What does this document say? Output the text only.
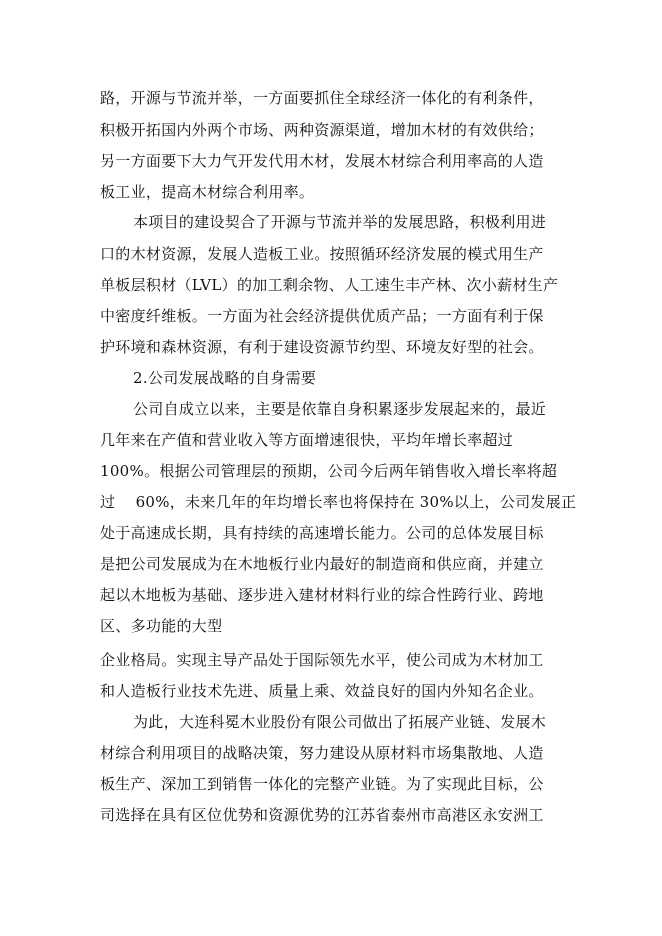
路，开源与节流并举，一方面要抓住全球经济一体化的有利条件，
积极开拓国内外两个市场、两种资源渠道，增加木材的有效供给；
另一方面要下大力气开发代用木材，发展木材综合利用率高的人造
板工业，提高木材综合利用率。
本项目的建设契合了开源与节流并举的发展思路，积极利用进
口的木材资源，发展人造板工业。按照循环经济发展的模式用生产
单板层积材（LVL）的加工剩余物、人工速生丰产林、次小薪材生产
中密度纤维板。一方面为社会经济提供优质产品；一方面有利于保
护环境和森林资源，有利于建设资源节约型、环境友好型的社会。
2.公司发展战略的自身需要
公司自成立以来，主要是依靠自身积累逐步发展起来的，最近
几年来在产值和营业收入等方面增速很快，平均年增长率超过
100%。根据公司管理层的预期，公司今后两年销售收入增长率将超
过    60%，未来几年的年均增长率也将保持在 30%以上，公司发展正
处于高速成长期，具有持续的高速增长能力。公司的总体发展目标
是把公司发展成为在木地板行业内最好的制造商和供应商，并建立
起以木地板为基础、逐步进入建材材料行业的综合性跨行业、跨地
区、多功能的大型
企业格局。实现主导产品处于国际领先水平，使公司成为木材加工
和人造板行业技术先进、质量上乘、效益良好的国内外知名企业。
为此，大连科冕木业股份有限公司做出了拓展产业链、发展木
材综合利用项目的战略决策，努力建设从原材料市场集散地、人造
板生产、深加工到销售一体化的完整产业链。为了实现此目标，公
司选择在具有区位优势和资源优势的江苏省泰州市高港区永安洲工
